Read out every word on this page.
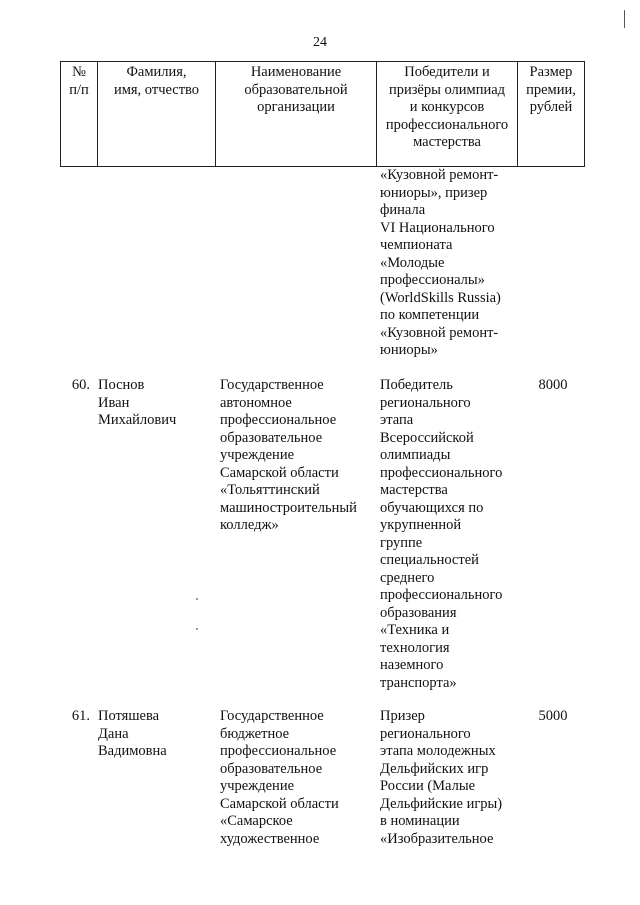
24
№
п/п
Фамилия,
имя, отчество
Наименование
образовательной
организации
Победители и
призёры олимпиад
и конкурсов
профессионального
мастерства
Размер
премии,
рублей
«Кузовной ремонт-
юниоры», призер
финала
VI Национального
чемпионата
«Молодые
профессионалы»
(WorldSkills Russia)
по компетенции
«Кузовной ремонт-
юниоры»
60. Поснов
Иван
Михайлович
Государственное
автономное
профессиональное
образовательное
учреждение
Самарской области
«Тольяттинский
машиностроительный
колледж»
Победитель
регионального
этапа
Всероссийской
олимпиады
профессионального
мастерства
обучающихся по
укрупненной
группе
специальностей
среднего
профессионального
образования
«Техника и
технология
наземного
транспорта»
8000
61. Потяшева
Дана
Вадимовна
Государственное
бюджетное
профессиональное
образовательное
учреждение
Самарской области
«Самарское
художественное
Призер
регионального
этапа молодежных
Дельфийских игр
России (Малые
Дельфийские игры)
в номинации
«Изобразительное
5000
